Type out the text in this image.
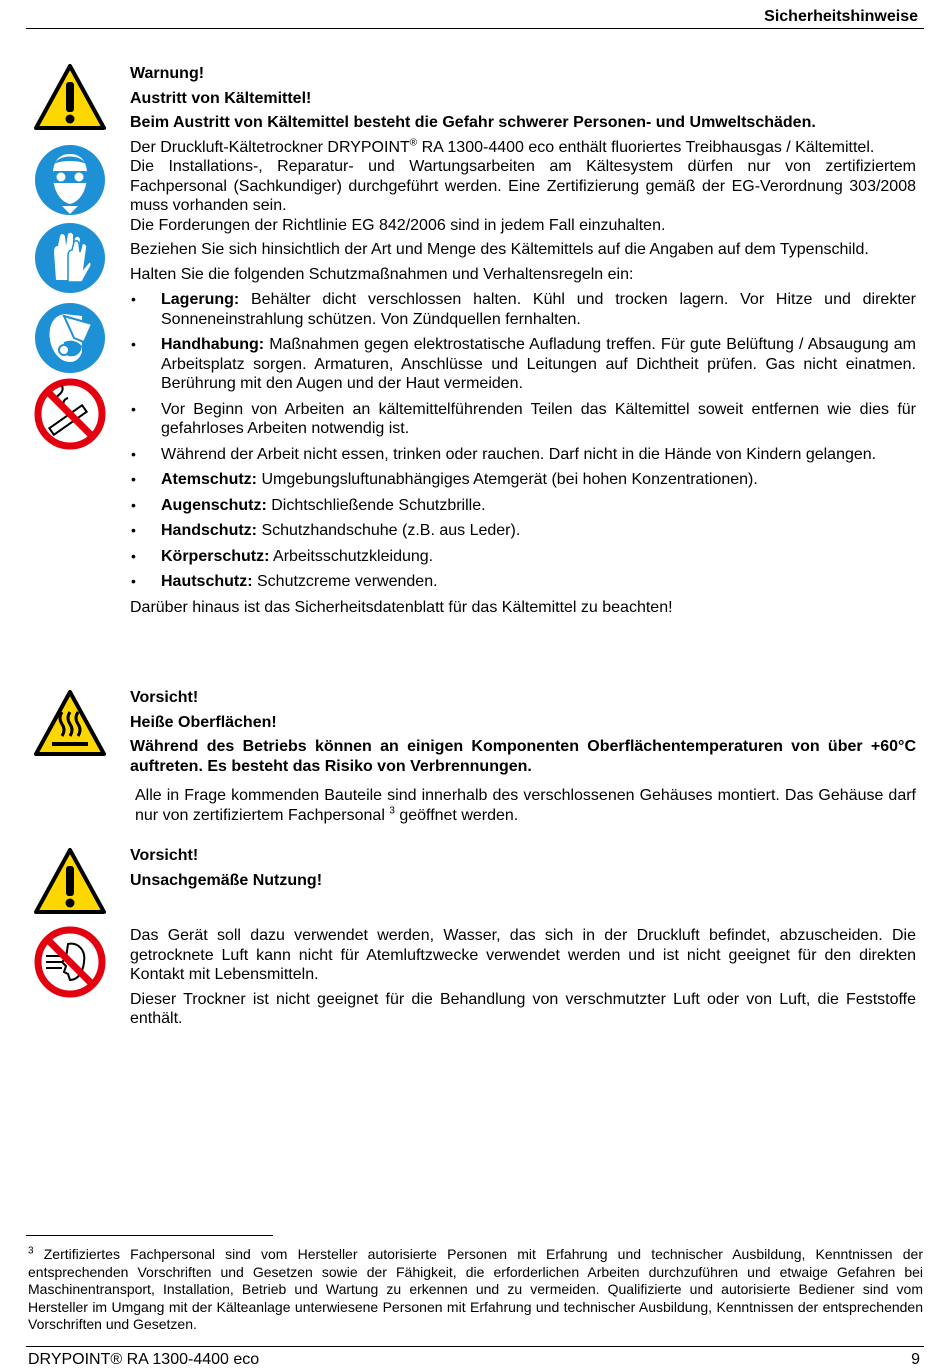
Sicherheitshinweise

Warnung!

Austritt von Kältemittel!

Beim Austritt von Kältemittel besteht die Gefahr schwerer Personen- und Umweltschäden.

Der Druckluft-Kältetrockner DRYPOINT® RA 1300-4400 eco enthält fluoriertes Treibhausgas / Kältemittel.

Die Installations-, Reparatur- und Wartungsarbeiten am Kältesystem dürfen nur von zertifiziertem Fachpersonal (Sachkundiger) durchgeführt werden. Eine Zertifizierung gemäß der EG-Verordnung 303/2008 muss vorhanden sein.

Die Forderungen der Richtlinie EG 842/2006 sind in jedem Fall einzuhalten.

Beziehen Sie sich hinsichtlich der Art und Menge des Kältemittels auf die Angaben auf dem Typenschild.

Halten Sie die folgenden Schutzmaßnahmen und Verhaltensregeln ein:

• Lagerung: Behälter dicht verschlossen halten. Kühl und trocken lagern. Vor Hitze und direkter Sonneneinstrahlung schützen. Von Zündquellen fernhalten.
• Handhabung: Maßnahmen gegen elektrostatische Aufladung treffen. Für gute Belüftung / Absaugung am Arbeitsplatz sorgen. Armaturen, Anschlüsse und Leitungen auf Dichtheit prüfen. Gas nicht einatmen. Berührung mit den Augen und der Haut vermeiden.
• Vor Beginn von Arbeiten an kältemittelführenden Teilen das Kältemittel soweit entfernen wie dies für gefahrloses Arbeiten notwendig ist.
• Während der Arbeit nicht essen, trinken oder rauchen. Darf nicht in die Hände von Kindern gelangen.
• Atemschutz: Umgebungsluftunabhängiges Atemgerät (bei hohen Konzentrationen).
• Augenschutz: Dichtschließende Schutzbrille.
• Handschutz: Schutzhandschuhe (z.B. aus Leder).
• Körperschutz: Arbeitsschutzkleidung.
• Hautschutz: Schutzcreme verwenden.

Darüber hinaus ist das Sicherheitsdatenblatt für das Kältemittel zu beachten!

Vorsicht!

Heiße Oberflächen!

Während des Betriebs können an einigen Komponenten Oberflächentemperaturen von über +60°C auftreten. Es besteht das Risiko von Verbrennungen.

Alle in Frage kommenden Bauteile sind innerhalb des verschlossenen Gehäuses montiert. Das Gehäuse darf nur von zertifiziertem Fachpersonal $^3$ geöffnet werden.

Vorsicht!

Unsachgemäße Nutzung!

Das Gerät soll dazu verwendet werden, Wasser, das sich in der Druckluft befindet, abzuscheiden. Die getrocknete Luft kann nicht für Atemluftzwecke verwendet werden und ist nicht geeignet für den direkten Kontakt mit Lebensmitteln.

Dieser Trockner ist nicht geeignet für die Behandlung von verschmutzter Luft oder von Luft, die Feststoffe enthält.

$^3$ Zertifiziertes Fachpersonal sind vom Hersteller autorisierte Personen mit Erfahrung und technischer Ausbildung, Kenntnissen der entsprechenden Vorschriften und Gesetzen sowie der Fähigkeit, die erforderlichen Arbeiten durchzuführen und etwaige Gefahren bei Maschinentransport, Installation, Betrieb und Wartung zu erkennen und zu vermeiden. Qualifizierte und autorisierte Bediener sind vom Hersteller im Umgang mit der Kälteanlage unterwiesene Personen mit Erfahrung und technischer Ausbildung, Kenntnissen der entsprechenden Vorschriften und Gesetzen.
DRYPOINT® RA 1300-4400 eco	9
